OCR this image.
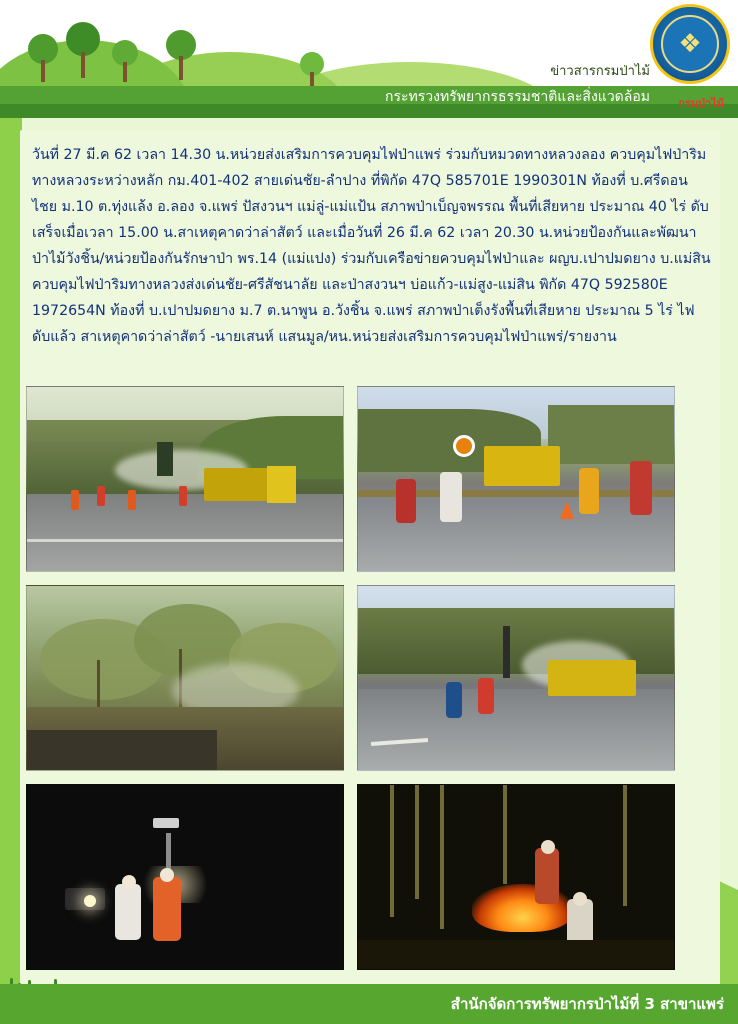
ข่าวสารกรมป่าไม้
กระทรวงทรัพยากรธรรมชาติและสิ่งแวดล้อม
❖
กรมป่าไม้
วันที่ 27 มี.ค 62 เวลา 14.30 น.หน่วยส่งเสริมการควบคุมไฟป่าแพร่ ร่วมกับหมวดทางหลวงลอง ควบคุมไฟป่าริมทางหลวงระหว่างหลัก กม.401-402 สายเด่นชัย-ลำปาง ที่พิกัด 47Q 585701E 1990301N ท้องที่ บ.ศรีดอนไชย ม.10 ต.ทุ่งแล้ง อ.ลอง จ.แพร่ ปัสงวนฯ แม่ลู่-แม่แป้น สภาพป่าเบ็ญจพรรณ พื้นที่เสียหาย ประมาณ 40 ไร่ ดับเสร็จเมื่อเวลา 15.00 น.สาเหตุคาดว่าล่าสัตว์ และเมื่อวันที่ 26 มี.ค 62 เวลา 20.30 น.หน่วยป้องกันและพัฒนาป่าไม้วังชิ้น/หน่วยป้องกันรักษาป่า พร.14 (แม่แปง) ร่วมกับเครือข่ายควบคุมไฟป่าและ ผญบ.เปาปมดยาง บ.แม่สิน ควบคุมไฟป่าริมทางหลวงส่งเด่นชัย-ศรีสัชนาลัย และป่าสงวนฯ บ่อแก้ว-แม่สูง-แม่สิน พิกัด 47Q 592580E 1972654N ท้องที่ บ.เปาปมดยาง ม.7 ต.นาพูน อ.วังชิ้น จ.แพร่ สภาพป่าเต็งรังพื้นที่เสียหาย ประมาณ 5 ไร่ ไฟดับแล้ว สาเหตุคาดว่าล่าสัตว์ -นายเสนห์ แสนมูล/หน.หน่วยส่งเสริมการควบคุมไฟป่าแพร่/รายงาน
สำนักจัดการทรัพยากรป่าไม้ที่ 3 สาขาแพร่
